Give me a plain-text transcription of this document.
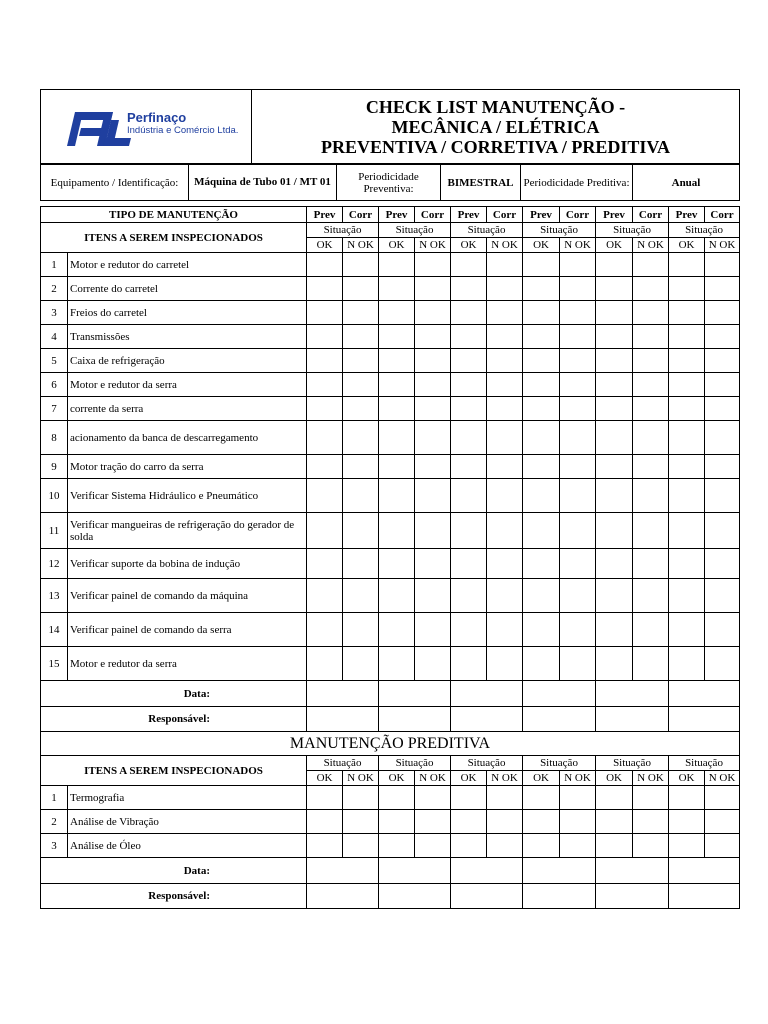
Perfinaço
Indústria e Comércio Ltda.

CHECK LIST MANUTENÇÃO -
MECÂNICA / ELÉTRICA
PREVENTIVA / CORRETIVA / PREDITIVA
Equipamento / Identificação:	Máquina de Tubo 01 / MT 01	Periodicidade Preventiva:	BIMESTRAL	Periodicidade Preditiva:	Anual
TIPO DE MANUTENÇÃO		Prev	Corr	Prev	Corr	Prev	Corr	Prev	Corr	Prev	Corr	Prev	Corr
ITENS A SEREM INSPECIONADOS		Situação		Situação		Situação		Situação		Situação		Situação	
		OK	N OK	OK	N OK	OK	N OK	OK	N OK	OK	N OK	OK	N OK
1	Motor e redutor do carretel												
2	Corrente do carretel												
3	Freios do carretel												
4	Transmissões												
5	Caixa de refrigeração												
6	Motor e redutor da serra												
7	corrente da serra												
8	acionamento da banca de descarregamento												
9	Motor tração do carro da serra												
10	Verificar Sistema Hidráulico e Pneumático												
11	Verificar mangueiras de refrigeração do gerador de solda												
12	Verificar suporte da bobina de indução												
13	Verificar painel de comando da máquina												
14	Verificar painel de comando da serra												
15	Motor e redutor da serra												
Data:													
Responsável:													
MANUTENÇÃO PREDITIVA													
ITENS A SEREM INSPECIONADOS		Situação		Situação		Situação		Situação		Situação		Situação	
		OK	N OK	OK	N OK	OK	N OK	OK	N OK	OK	N OK	OK	N OK
1	Termografia												
2	Análise de Vibração												
3	Análise de Óleo												
Data:													
Responsável:													
